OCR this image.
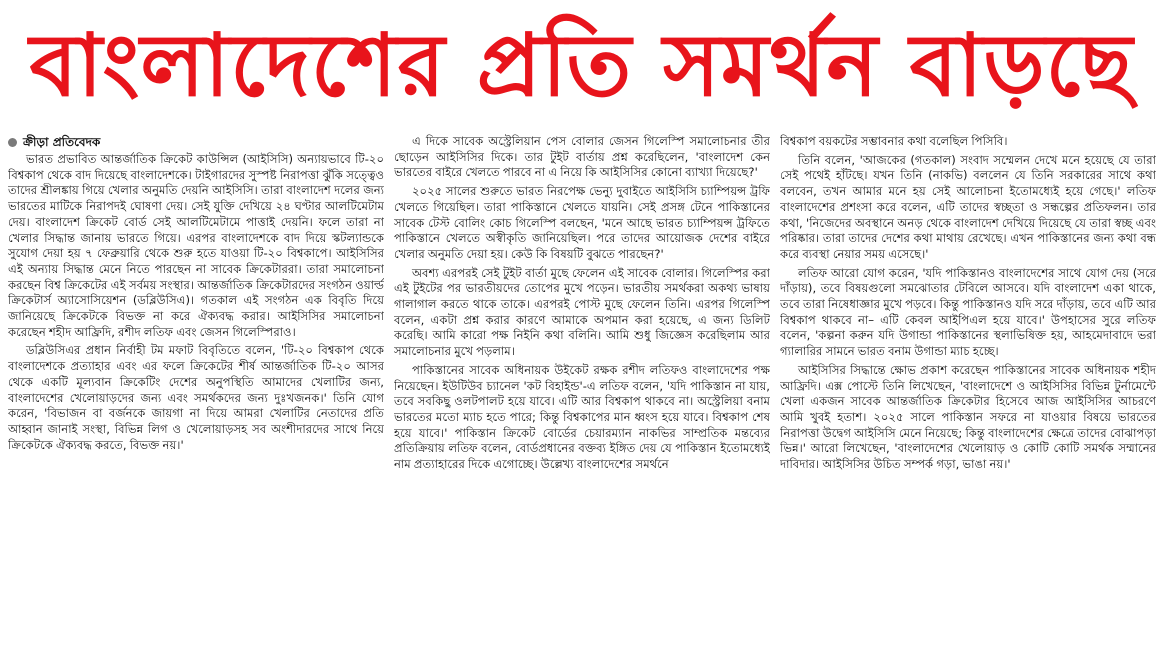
বাংলাদেশের প্রতি সমর্থন বাড়ছে
ক্রীড়া প্রতিবেদক

ভারত প্রভাবিত আন্তর্জাতিক ক্রিকেট কাউন্সিল (আইসিসি) অন্যায়ভাবে টি-২০ বিশ্বকাপ থেকে বাদ দিয়েছে বাংলাদেশকে। টাইগারদের সুস্পষ্ট নিরাপত্তা ঝুঁকি সত্ত্বেও তাদের শ্রীলঙ্কায় গিয়ে খেলার অনুমতি দেয়নি আইসিসি। তারা বাংলাদেশ দলের জন্য ভারতের মাটিকে নিরাপদই ঘোষণা দেয়। সেই যুক্তি দেখিয়ে ২৪ ঘণ্টার আলটিমেটাম দেয়। বাংলাদেশ ক্রিকেট বোর্ড সেই আলটিমেটামে পাত্তাই দেয়নি। ফলে তারা না খেলার সিদ্ধান্ত জানায় ভারতে গিয়ে। এরপর বাংলাদেশকে বাদ দিয়ে স্কটল্যান্ডকে সুযোগ দেয়া হয় ৭ ফেব্রুয়ারি থেকে শুরু হতে যাওয়া টি-২০ বিশ্বকাপে। আইসিসির এই অন্যায় সিদ্ধান্ত মেনে নিতে পারছেন না সাবেক ক্রিকেটাররা। তারা সমালোচনা করছেন বিশ্ব ক্রিকেটের এই সর্বময় সংস্থার। আন্তর্জাতিক ক্রিকেটারদের সংগঠন ওয়ার্ল্ড ক্রিকেটার্স অ্যাসোসিয়েশন (ডব্লিউসিএ)। গতকাল এই সংগঠন এক বিবৃতি দিয়ে জানিয়েছে ক্রিকেটকে বিভক্ত না করে ঐক্যবদ্ধ করার। আইসিসির সমালোচনা করেছেন শহীদ আফ্রিদি, রশীদ লতিফ এবং জেসন গিলেস্পিরাও।

ডব্লিউসিএর প্রধান নির্বাহী টম মফাট বিবৃতিতে বলেন, 'টি-২০ বিশ্বকাপ থেকে বাংলাদেশকে প্রত্যাহার এবং এর ফলে ক্রিকেটের শীর্ষ আন্তর্জাতিক টি-২০ আসর থেকে একটি মূল্যবান ক্রিকেটিং দেশের অনুপস্থিতি আমাদের খেলাটির জন্য, বাংলাদেশের খেলোয়াড়দের জন্য এবং সমর্থকদের জন্য দুঃখজনক।' তিনি যোগ করেন, 'বিভাজন বা বর্জনকে জায়গা না দিয়ে আমরা খেলাটির নেতাদের প্রতি আহ্বান জানাই সংস্থা, বিভিন্ন লিগ ও খেলোয়াড়সহ সব অংশীদারদের সাথে নিয়ে ক্রিকেটকে ঐক্যবদ্ধ করতে, বিভক্ত নয়।'

এ দিকে সাবেক অস্ট্রেলিয়ান পেস বোলার জেসন গিলেস্পি সমালোচনার তীর ছোড়েন আইসিসির দিকে। তার টুইট বার্তায় প্রশ্ন করেছিলেন, 'বাংলাদেশ কেন ভারতের বাইরে খেলতে পারবে না এ নিয়ে কি আইসিসির কোনো ব্যাখ্যা দিয়েছে?'

২০২৫ সালের শুরুতে ভারত নিরপেক্ষ ভেন্যু দুবাইতে আইসিসি চ্যাম্পিয়ন্স ট্রফি খেলতে গিয়েছিল। তারা পাকিস্তানে খেলতে যায়নি। সেই প্রসঙ্গ টেনে পাকিস্তানের সাবেক টেস্ট বোলিং কোচ গিলেস্পি বলছেন, 'মনে আছে ভারত চ্যাম্পিয়ন্স ট্রফিতে পাকিস্তানে খেলতে অস্বীকৃতি জানিয়েছিল। পরে তাদের আয়োজক দেশের বাইরে খেলার অনুমতি দেয়া হয়। কেউ কি বিষয়টি বুঝতে পারছেন?'

অবশ্য এরপরই সেই টুইট বার্তা মুছে ফেলেন এই সাবেক বোলার। গিলেস্পির করা এই টুইটের পর ভারতীয়দের তোপের মুখে পড়েন। ভারতীয় সমর্থকরা অকথ্য ভাষায় গালাগাল করতে থাকে তাকে। এরপরই পোস্ট মুছে ফেলেন তিনি। এরপর গিলেস্পি বলেন, একটা প্রশ্ন করার কারণে আমাকে অপমান করা হয়েছে, এ জন্য ডিলিট করেছি। আমি কারো পক্ষ নিইনি কথা বলিনি। আমি শুধু জিজ্ঞেস করেছিলাম আর সমালোচনার মুখে পড়লাম।

পাকিস্তানের সাবেক অধিনায়ক উইকেট রক্ষক রশীদ লতিফও বাংলাদেশের পক্ষ নিয়েছেন। ইউটিউব চ্যানেল 'কট বিহাইন্ড'-এ লতিফ বলেন, 'যদি পাকিস্তান না যায়, তবে সবকিছু ওলটপালট হয়ে যাবে। এটি আর বিশ্বকাপ থাকবে না। অস্ট্রেলিয়া বনাম ভারতের মতো ম্যাচ হতে পারে; কিন্তু বিশ্বকাপের মান ধ্বংস হয়ে যাবে। বিশ্বকাপ শেষ হয়ে যাবে।' পাকিস্তান ক্রিকেট বোর্ডের চেয়ারম্যান নাকভির সাম্প্রতিক মন্তব্যের প্রতিক্রিয়ায় লতিফ বলেন, বোর্ডপ্রধানের বক্তব্য ইঙ্গিত দেয় যে পাকিস্তান ইতোমধ্যেই নাম প্রত্যাহারের দিকে এগোচ্ছে। উল্লেখ্য বাংলাদেশের সমর্থনে

বিশ্বকাপ বয়কটের সম্ভাবনার কথা বলেছিল পিসিবি।

তিনি বলেন, 'আজকের (গতকাল) সংবাদ সম্মেলন দেখে মনে হয়েছে যে তারা সেই পথেই হাঁটছে। যখন তিনি (নাকভি) বললেন যে তিনি সরকারের সাথে কথা বলবেন, তখন আমার মনে হয় সেই আলোচনা ইতোমধ্যেই হয়ে গেছে।' লতিফ বাংলাদেশের প্রশংসা করে বলেন, এটি তাদের স্বচ্ছতা ও সন্ধল্পের প্রতিফলন। তার কথা, 'নিজেদের অবস্থানে অনড় থেকে বাংলাদেশ দেখিয়ে দিয়েছে যে তারা স্বচ্ছ এবং পরিষ্কার। তারা তাদের দেশের কথা মাথায় রেখেছে। এখন পাকিস্তানের জন্য কথা বন্ধ করে ব্যবস্থা নেয়ার সময় এসেছে।'

লতিফ আরো যোগ করেন, 'যদি পাকিস্তানও বাংলাদেশের সাথে যোগ দেয় (সরে দাঁড়ায়), তবে বিষয়গুলো সমঝোতার টেবিলে আসবে। যদি বাংলাদেশ একা থাকে, তবে তারা নিষেধাজ্ঞার মুখে পড়বে। কিন্তু পাকিস্তানও যদি সরে দাঁড়ায়, তবে এটি আর বিশ্বকাপ থাকবে না– এটি কেবল আইপিএল হয়ে যাবে।' উপহাসের সুরে লতিফ বলেন, 'কল্পনা করুন যদি উগান্ডা পাকিস্তানের স্থলাভিষিক্ত হয়, আহমেদাবাদে ভরা গ্যালারির সামনে ভারত বনাম উগান্ডা ম্যাচ হচ্ছে।

আইসিসির সিদ্ধান্তে ক্ষোভ প্রকাশ করেছেন পাকিস্তানের সাবেক অধিনায়ক শহীদ আফ্রিদি। এক্স পোস্টে তিনি লিখেছেন, 'বাংলাদেশে ও আইসিসির বিভিন্ন টুর্নামেন্টে খেলা একজন সাবেক আন্তর্জাতিক ক্রিকেটার হিসেবে আজ আইসিসির আচরণে আমি খুবই হতাশ। ২০২৫ সালে পাকিস্তান সফরে না যাওয়ার বিষয়ে ভারতের নিরাপত্তা উদ্বেগ আইসিসি মেনে নিয়েছে; কিন্তু বাংলাদেশের ক্ষেত্রে তাদের বোঝাপড়া ভিন্ন।' আরো লিখেছেন, 'বাংলাদেশের খেলোয়াড় ও কোটি কোটি সমর্থক সম্মানের দাবিদার। আইসিসির উচিত সম্পর্ক গড়া, ভাঙা নয়।'
